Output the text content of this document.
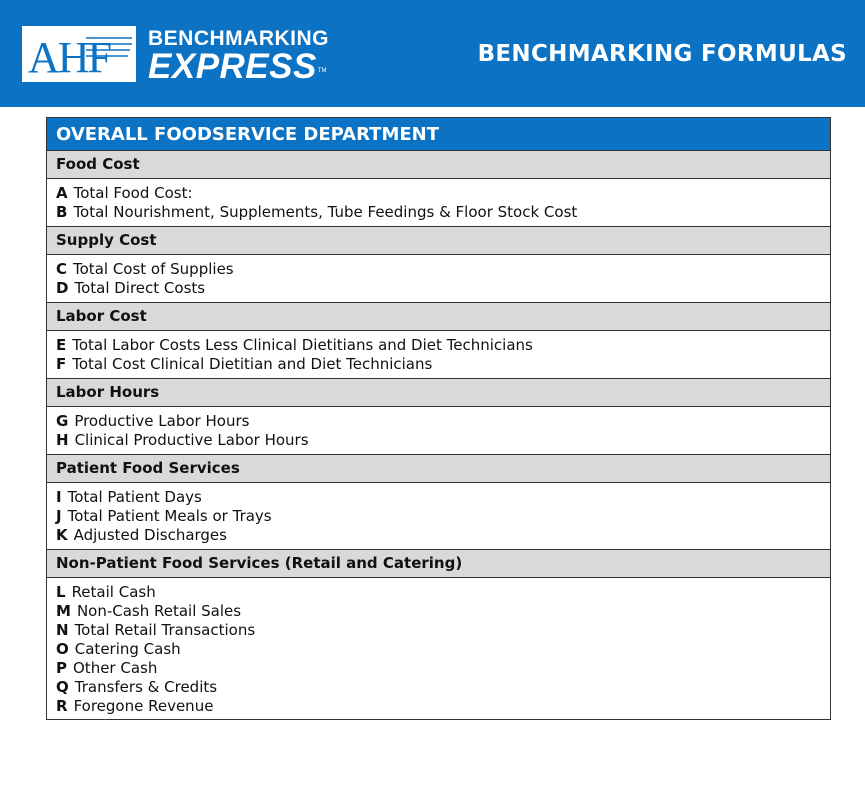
AHF BENCHMARKING
EXPRESSTM
BENCHMARKING FORMULAS
OVERALL FOODSERVICE DEPARTMENT
Food Cost
A Total Food Cost:
B Total Nourishment, Supplements, Tube Feedings & Floor Stock Cost
Supply Cost
C Total Cost of Supplies
D Total Direct Costs
Labor Cost
E Total Labor Costs Less Clinical Dietitians and Diet Technicians
F Total Cost Clinical Dietitian and Diet Technicians
Labor Hours
G Productive Labor Hours
H Clinical Productive Labor Hours
Patient Food Services
I Total Patient Days
J Total Patient Meals or Trays
K Adjusted Discharges
Non-Patient Food Services (Retail and Catering)
L Retail Cash
M Non-Cash Retail Sales
N Total Retail Transactions
O Catering Cash
P Other Cash
Q Transfers & Credits
R Foregone Revenue
